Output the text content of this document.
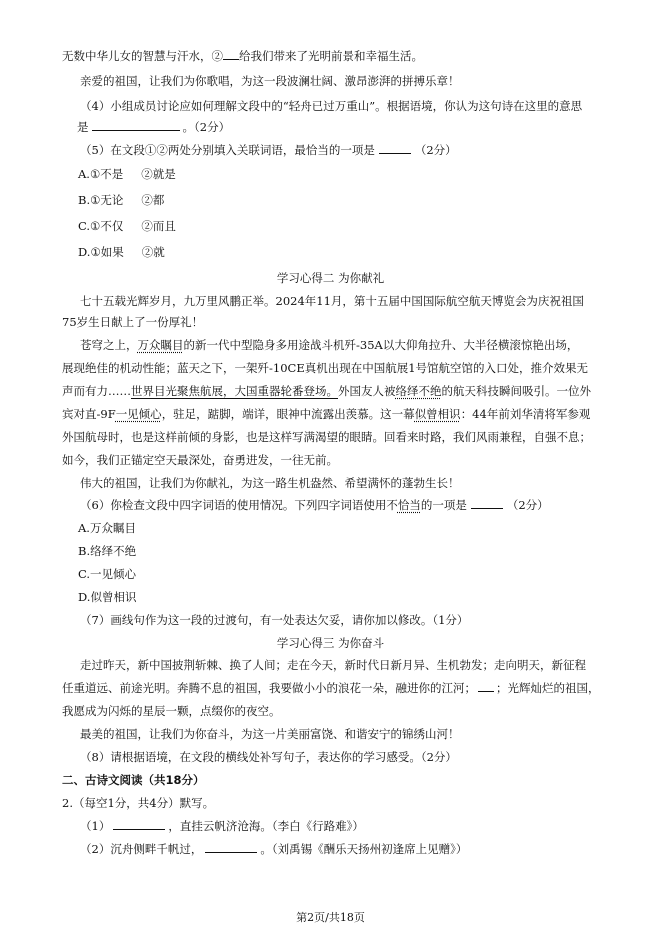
无数中华儿女的智慧与汗水，② 给我们带来了光明前景和幸福生活。
亲爱的祖国，让我们为你歌唱，为这一段波澜壮阔、激昂澎湃的拼搏乐章！
（4）小组成员讨论应如何理解文段中的“轻舟已过万重山”。根据语境，你认为这句诗在这里的意思
是	。（2分）
（5）在文段①②两处分别填入关联词语，最恰当的一项是	（2分）
A.①不是 ②就是
B.①无论 ②都
C.①不仅 ②而且
D.①如果 ②就
学习心得二 为你献礼
七十五载光辉岁月，九万里风鹏正举。2024年11月，第十五届中国国际航空航天博览会为庆祝祖国
75岁生日献上了一份厚礼！
苍穹之上，万众瞩目的新一代中型隐身多用途战斗机歼-35A以大仰角拉升、大半径横滚惊艳出场，
展现绝佳的机动性能；蓝天之下，一架歼-10CE真机出现在中国航展1号馆航空馆的入口处，推介效果无
声而有力……世界目光聚焦航展，大国重器轮番登场。外国友人被络绎不绝的航天科技瞬间吸引。一位外
宾对直-9F一见倾心，驻足，踮脚，端详，眼神中流露出羡慕。这一幕似曾相识：44年前刘华清将军参观
外国航母时，也是这样前倾的身影，也是这样写满渴望的眼睛。回看来时路，我们风雨兼程，自强不息；
如今，我们正锚定空天最深处，奋勇进发，一往无前。
伟大的祖国，让我们为你献礼，为这一路生机盎然、希望满怀的蓬勃生长！
（6）你检查文段中四字词语的使用情况。下列四字词语使用不恰当的一项是	（2分）
A.万众瞩目
B.络绎不绝
C.一见倾心
D.似曾相识
（7）画线句作为这一段的过渡句，有一处表达欠妥，请你加以修改。（1分）
学习心得三 为你奋斗
走过昨天，新中国披荆斩棘、换了人间；走在今天，新时代日新月异、生机勃发；走向明天，新征程
任重道远、前途光明。奔腾不息的祖国，我要做小小的浪花一朵，融进你的江河； ；光辉灿烂的祖国，
我愿成为闪烁的星辰一颗，点缀你的夜空。
最美的祖国，让我们为你奋斗，为这一片美丽富饶、和谐安宁的锦绣山河！
（8）请根据语境，在文段的横线处补写句子，表达你的学习感受。（2分）
二、古诗文阅读（共18分）
2.（每空1分，共4分）默写。
（1）	，直挂云帆济沧海。（李白《行路难》）
（2）沉舟侧畔千帆过，	。（刘禹锡《酬乐天扬州初逢席上见赠》）
第2页/共18页
